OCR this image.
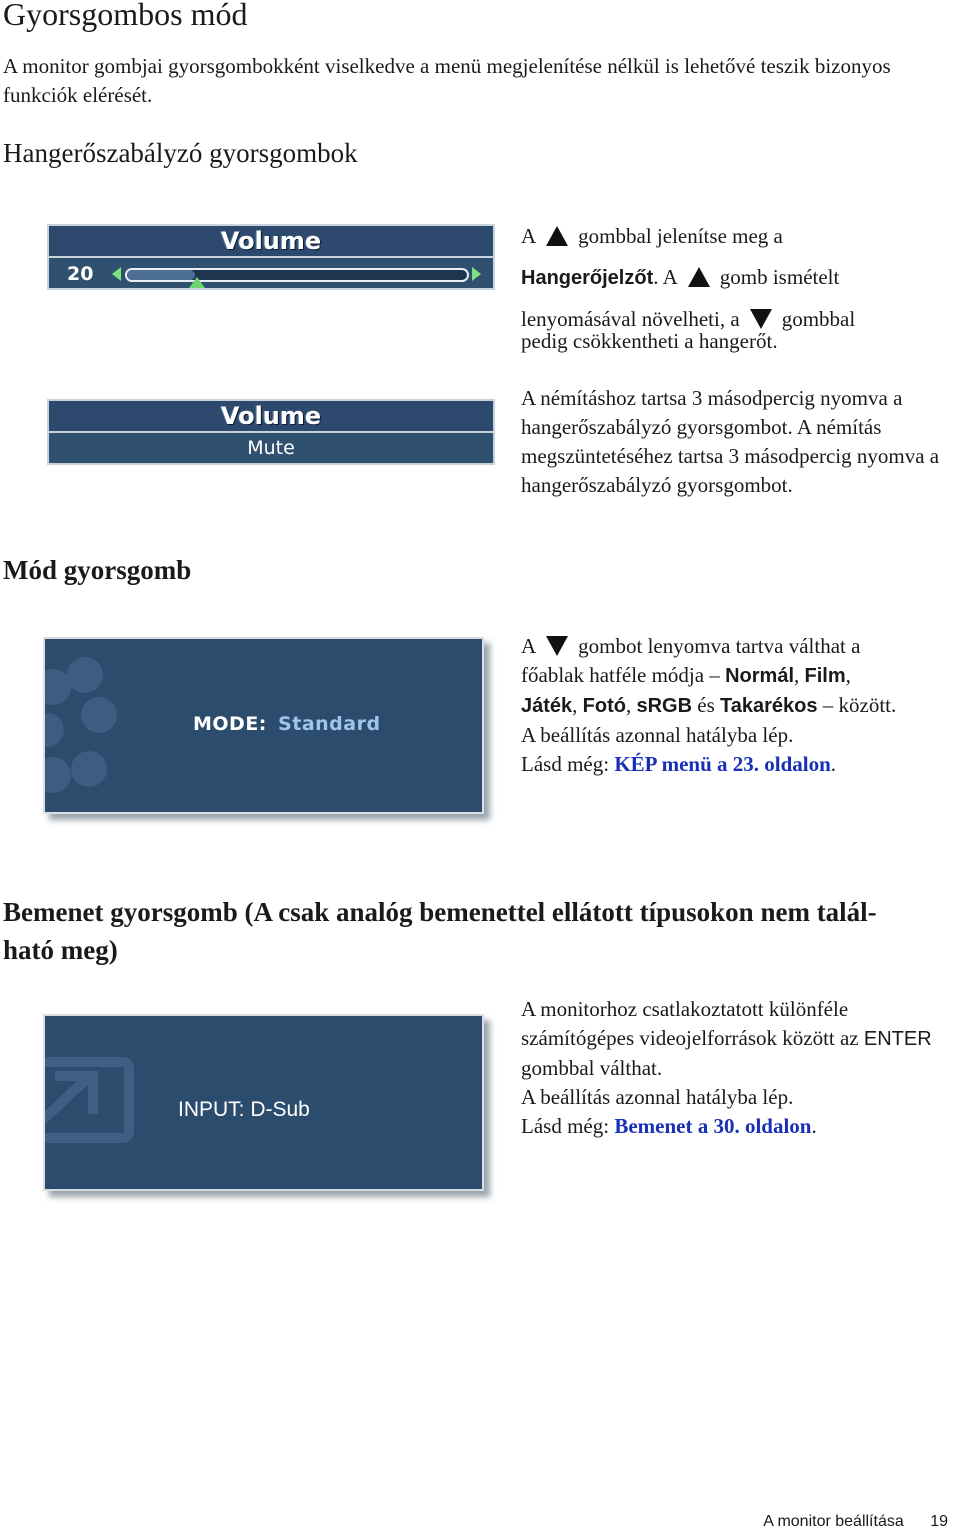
Gyorsgombos mód
A monitor gombjai gyorsgombokként viselkedve a menü megjelenítése nélkül is lehetővé teszik bizonyos funkciók elérését.
Hangerőszabályzó gyorsgombok
Volume
20
Volume
Mute
A gombbal jelenítse meg a
Hangerőjelzőt. A gomb ismételt
lenyomásával növelheti, a gombbal
pedig csökkentheti a hangerőt.
A némításhoz tartsa 3 másodpercig nyomva a hangerőszabályzó gyorsgombot. A némítás megszüntetéséhez tartsa 3 másodpercig nyomva a hangerőszabályzó gyorsgombot.
Mód gyorsgomb
MODE: Standard
A gombot lenyomva tartva válthat a
főablak hatféle módja – Normál, Film,
Játék, Fotó, sRGB és Takarékos – között.
A beállítás azonnal hatályba lép.
Lásd még: KÉP menü a 23. oldalon.
Bemenet gyorsgomb (A csak analóg bemenettel ellátott típusokon nem talál-
ható meg)
INPUT: D-Sub
A monitorhoz csatlakoztatott különféle számítógépes videojelforrások között az ENTER gombbal válthat.
A beállítás azonnal hatályba lép.
Lásd még: Bemenet a 30. oldalon.
A monitor beállítása 19
